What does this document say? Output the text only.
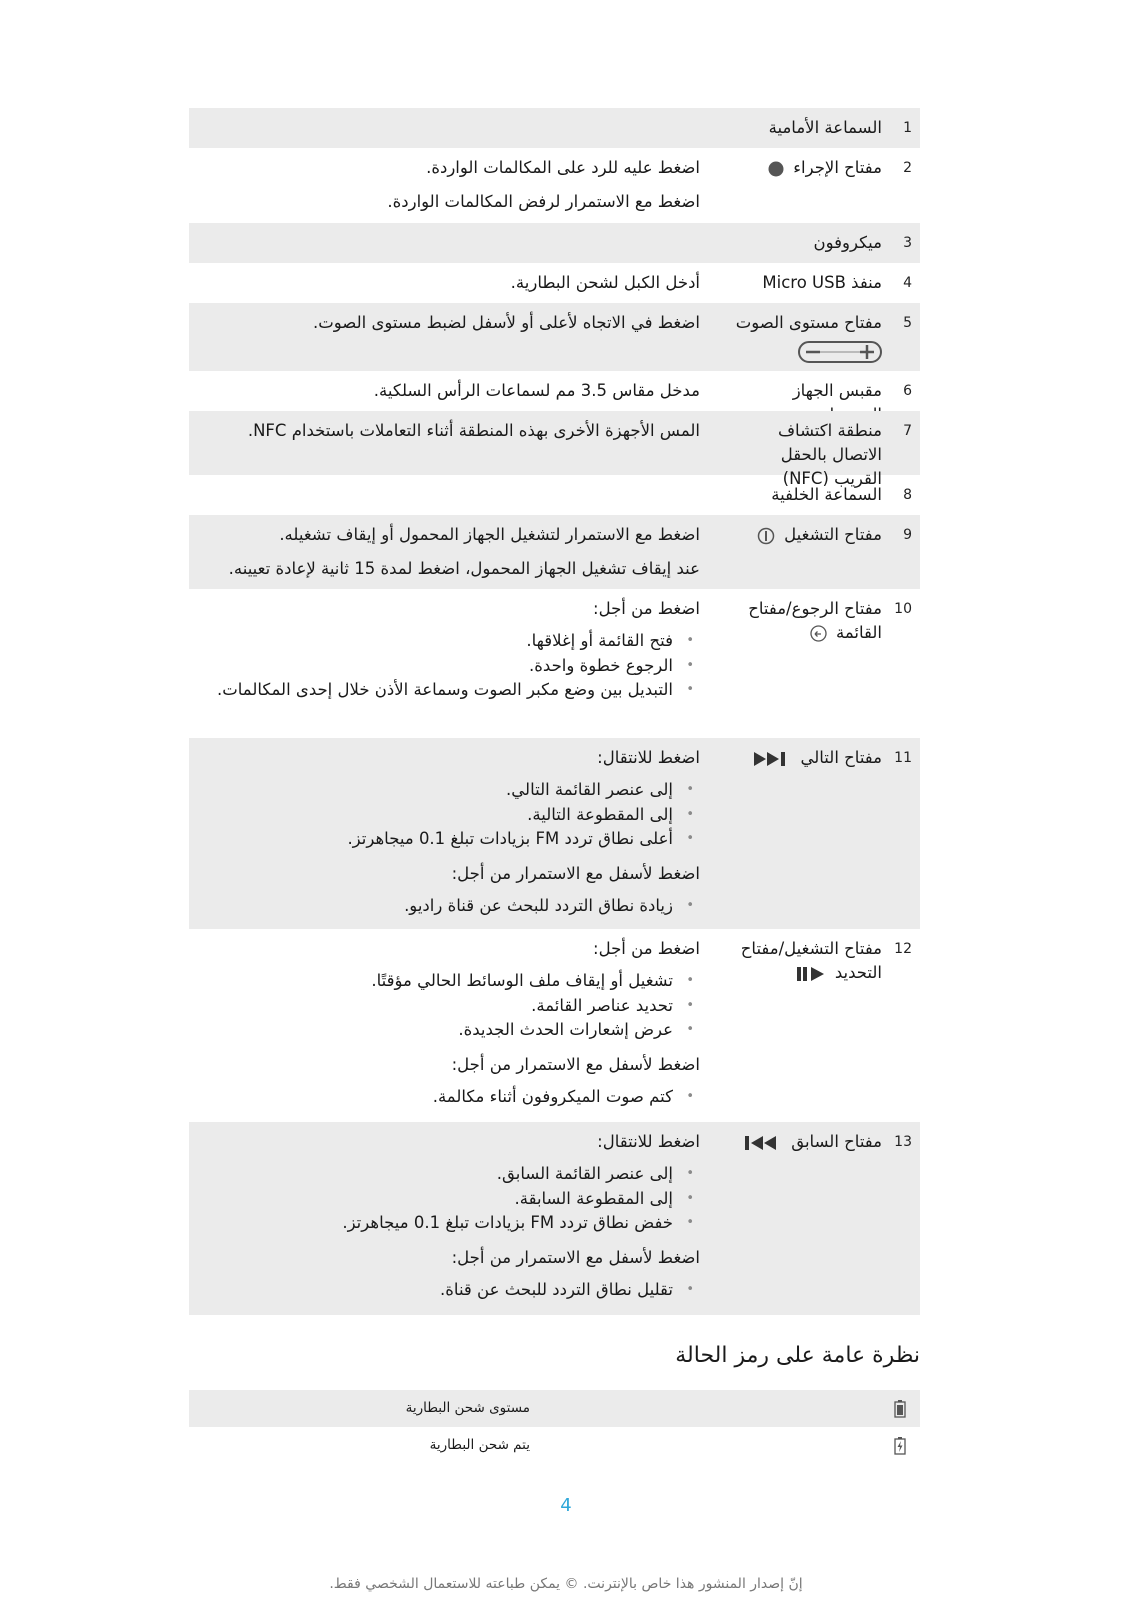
1
السماعة الأمامية
2
مفتاح الإجراء

اضغط عليه للرد على المكالمات الواردة.

اضغط مع الاستمرار لرفض المكالمات الواردة.

3
ميكروفون
4
منفذ Micro USB

أدخل الكبل لشحن البطارية.

5
مفتاح مستوى الصوت

اضغط في الاتجاه لأعلى أو لأسفل لضبط مستوى الصوت.

6
مقبس الجهاز

مدخل مقاس 3.5 مم لسماعات الرأس السلكية.

7
منطقة اكتشاف الاتصال بالحقل القريب (NFC)

المس الأجهزة الأخرى بهذه المنطقة أثناء التعاملات باستخدام NFC.

8
السماعة الخلفية
9
مفتاح التشغيل

اضغط مع الاستمرار لتشغيل الجهاز المحمول أو إيقاف تشغيله.

عند إيقاف تشغيل الجهاز المحمول، اضغط لمدة 15 ثانية لإعادة تعيينه.

10
مفتاح الرجوع/مفتاح القائمة

اضغط من أجل:

• فتح القائمة أو إغلاقها.
• الرجوع خطوة واحدة.
• التبديل بين وضع مكبر الصوت وسماعة الأذن خلال إحدى المكالمات.
11
مفتاح التالي

اضغط للانتقال:

• إلى عنصر القائمة التالي.
• إلى المقطوعة التالية.
• أعلى نطاق تردد FM بزيادات تبلغ 0.1 ميجاهرتز.

اضغط لأسفل مع الاستمرار من أجل:

• زيادة نطاق التردد للبحث عن قناة راديو.
12
مفتاح التشغيل/مفتاح التحديد

اضغط من أجل:

• تشغيل أو إيقاف ملف الوسائط الحالي مؤقتًا.
• تحديد عناصر القائمة.
• عرض إشعارات الحدث الجديدة.

اضغط لأسفل مع الاستمرار من أجل:

• كتم صوت الميكروفون أثناء مكالمة.
13
مفتاح السابق

اضغط للانتقال:

• إلى عنصر القائمة السابق.
• إلى المقطوعة السابقة.
• خفض نطاق تردد FM بزيادات تبلغ 0.1 ميجاهرتز.

اضغط لأسفل مع الاستمرار من أجل:

• تقليل نطاق التردد للبحث عن قناة.
نظرة عامة على رمز الحالة
مستوى شحن البطارية
يتم شحن البطارية
4
إنّ إصدار المنشور هذا خاص بالإنترنت. © يمكن طباعته للاستعمال الشخصي فقط.
